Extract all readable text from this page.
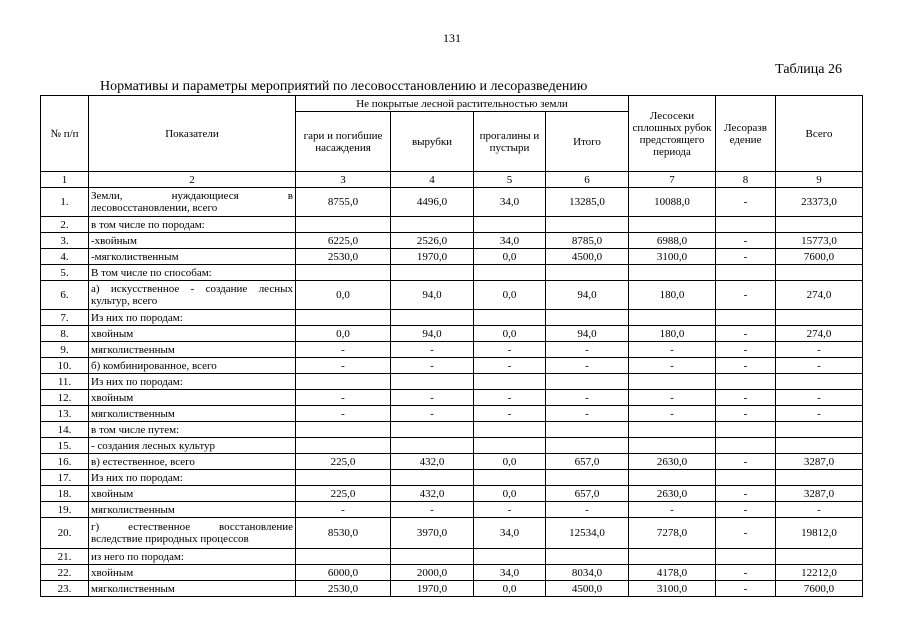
131
Таблица 26
Нормативы и параметры мероприятий по лесовосстановлению и лесоразведению
№ п/п	Показатели	Не покрытые лесной растительностью земли				Лесосеки сплошных рубок предстоящего периода	Лесоразв едение	Всего
		гари и погибшие насаждения	вырубки	прогалины и пустыри	Итого			
1	2	3	4	5	6	7	8	9
1.	Земли, нуждающиеся в лесовосстановлении, всего	8755,0	4496,0	34,0	13285,0	10088,0	-	23373,0
2.	в том числе по породам:							
3.	-хвойным	6225,0	2526,0	34,0	8785,0	6988,0	-	15773,0
4.	-мягколиственным	2530,0	1970,0	0,0	4500,0	3100,0	-	7600,0
5.	В том числе по способам:							
6.	а) искусственное - создание лесных культур, всего	0,0	94,0	0,0	94,0	180,0	-	274,0
7.	Из них по породам:							
8.	хвойным	0,0	94,0	0,0	94,0	180,0	-	274,0
9.	мягколиственным	-	-	-	-	-	-	-
10.	б) комбинированное, всего	-	-	-	-	-	-	-
11.	Из них по породам:							
12.	хвойным	-	-	-	-	-	-	-
13.	мягколиственным	-	-	-	-	-	-	-
14.	в том числе путем:							
15.	- создания лесных культур							
16.	в) естественное, всего	225,0	432,0	0,0	657,0	2630,0	-	3287,0
17.	Из них по породам:							
18.	хвойным	225,0	432,0	0,0	657,0	2630,0	-	3287,0
19.	мягколиственным	-	-	-	-	-	-	-
20.	г) естественное восстановление вследствие природных процессов	8530,0	3970,0	34,0	12534,0	7278,0	-	19812,0
21.	из него по породам:							
22.	хвойным	6000,0	2000,0	34,0	8034,0	4178,0	-	12212,0
23.	мягколиственным	2530,0	1970,0	0,0	4500,0	3100,0	-	7600,0
